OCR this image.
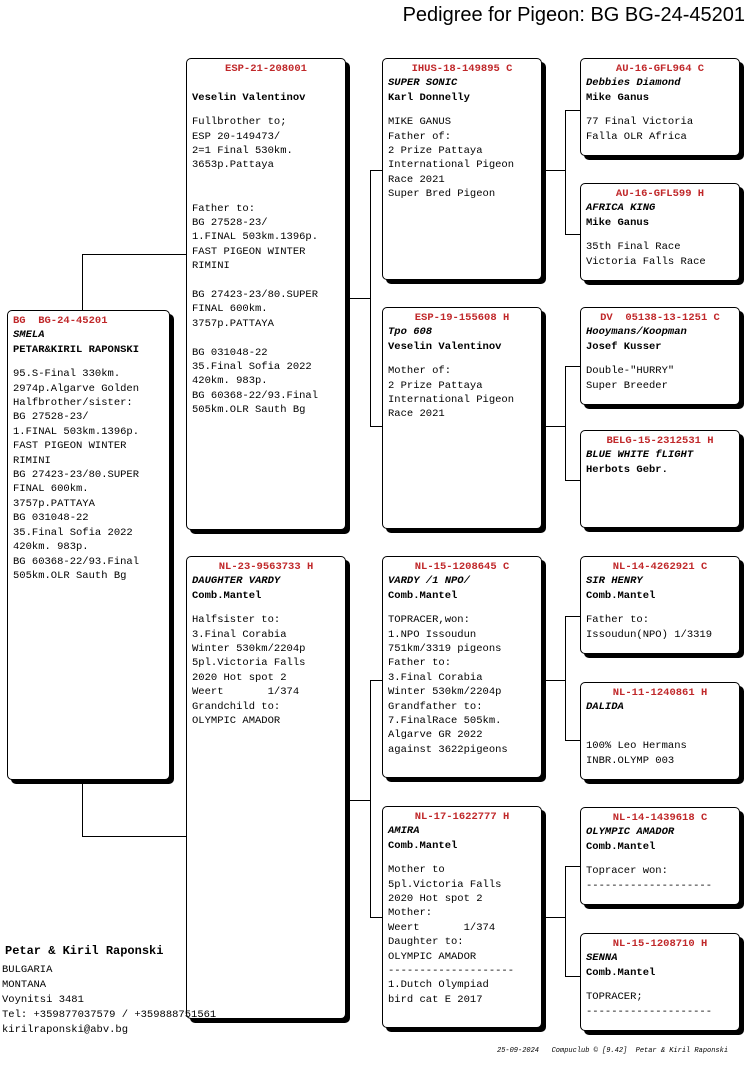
Pedigree for Pigeon: BG BG-24-45201
BG  BG-24-45201
SMELA
PETAR&KIRIL RAPONSKI
95.S-Final 330km.
2974p.Algarve Golden
Halfbrother/sister:
BG 27528-23/
1.FINAL 503km.1396p.
FAST PIGEON WINTER
RIMINI
BG 27423-23/80.SUPER
FINAL 600km.
3757p.PATTAYA
BG 031048-22
35.Final Sofia 2022
420km. 983p.
BG 60368-22/93.Final
505km.OLR Sauth Bg
ESP-21-208001
Veselin Valentinov
Fullbrother to;
ESP 20-149473/
2=1 Final 530km.
3653p.Pattaya
Father to:
BG 27528-23/
1.FINAL 503km.1396p.
FAST PIGEON WINTER
RIMINI
BG 27423-23/80.SUPER
FINAL 600km.
3757p.PATTAYA
BG 031048-22
35.Final Sofia 2022
420km. 983p.
BG 60368-22/93.Final
505km.OLR Sauth Bg
NL-23-9563733 H
DAUGHTER VARDY
Comb.Mantel
Halfsister to:
3.Final Corabia
Winter 530km/2204p
5pl.Victoria Falls
2020 Hot spot 2
Weert       1/374
Grandchild to:
OLYMPIC AMADOR
IHUS-18-149895 C
SUPER SONIC
Karl Donnelly
MIKE GANUS
Father of:
2 Prize Pattaya
International Pigeon
Race 2021
Super Bred Pigeon
ESP-19-155608 H
Tpo 608
Veselin Valentinov
Mother of:
2 Prize Pattaya
International Pigeon
Race 2021
NL-15-1208645 C
VARDY /1 NPO/
Comb.Mantel
TOPRACER,won:
1.NPO Issoudun
751km/3319 pigeons
Father to:
3.Final Corabia
Winter 530km/2204p
Grandfather to:
7.FinalRace 505km.
Algarve GR 2022
against 3622pigeons
NL-17-1622777 H
AMIRA
Comb.Mantel
Mother to
5pl.Victoria Falls
2020 Hot spot 2
Mother:
Weert       1/374
Daughter to:
OLYMPIC AMADOR
--------------------
1.Dutch Olympiad
bird cat E 2017
AU-16-GFL964 C
Debbies Diamond
Mike Ganus
77 Final Victoria
Falla OLR Africa
AU-16-GFL599 H
AFRICA KING
Mike Ganus
35th Final Race
Victoria Falls Race
DV  05138-13-1251 C
Hooymans/Koopman
Josef Kusser
Double-"HURRY"
Super Breeder
BELG-15-2312531 H
BLUE WHITE fLIGHT
Herbots Gebr.
NL-14-4262921 C
SIR HENRY
Comb.Mantel
Father to:
Issoudun(NPO) 1/3319
NL-11-1240861 H
DALIDA
100% Leo Hermans
INBR.OLYMP 003
NL-14-1439618 C
OLYMPIC AMADOR
Comb.Mantel
Topracer won:
--------------------
NL-15-1208710 H
SENNA
Comb.Mantel
TOPRACER;
--------------------
Petar & Kiril Raponski
BULGARIA
MONTANA
Voynitsi 3481
Tel: +359877037579 / +359888751561
kirilraponski@abv.bg
25-09-2024   Compuclub © [9.42]  Petar & Kiril Raponski
